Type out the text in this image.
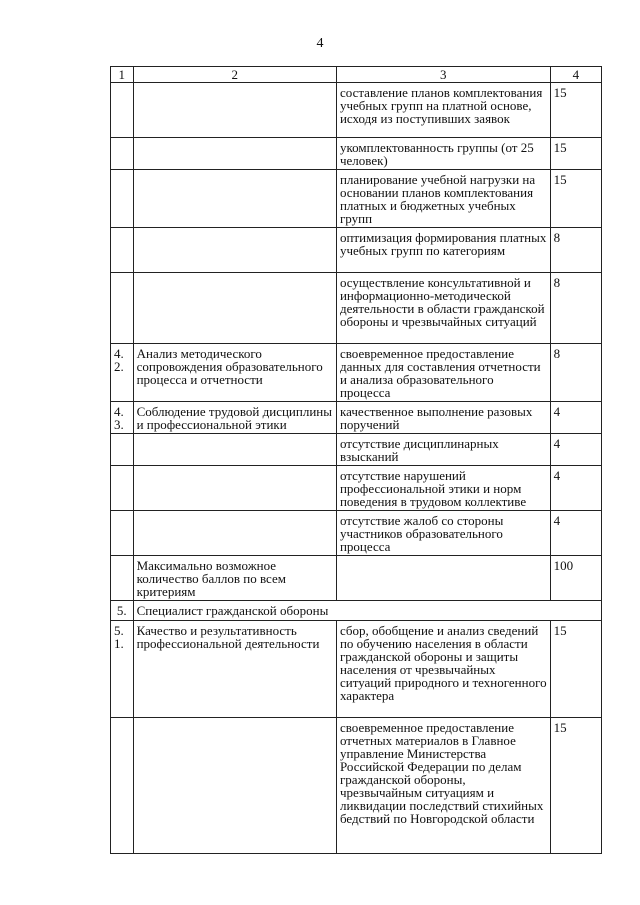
4
1	2	3	4
		составление планов комплектования учебных групп на платной основе, исходя из поступивших заявок	15
		укомплектованность группы (от 25 человек)	15
		планирование учебной нагрузки на основании планов комплектования платных и бюджетных учебных групп	15
		оптимизация формирования платных учебных групп по категориям	8
		осуществление консультативной и информационно-методической деятельности в области гражданской обороны и чрезвычайных ситуаций	8
4.2.	Анализ методического сопровождения образовательного процесса и отчетности	своевременное предоставление данных для составления отчетности и анализа образовательного процесса	8
4.3.	Соблюдение трудовой дисциплины и профессиональной этики	качественное выполнение разовых поручений	4
		отсутствие дисциплинарных взысканий	4
		отсутствие нарушений профессиональной этики и норм поведения в трудовом коллективе	4
		отсутствие жалоб со стороны участников образовательного процесса	4
	Максимально возможное количество баллов по всем критериям		100
5.	Специалист гражданской обороны		
5.1.	Качество и результативность профессиональной деятельности	сбор, обобщение и анализ сведений по обучению населения в области гражданской обороны и защиты населения от чрезвычайных ситуаций природного и техногенного характера	15
		своевременное предоставление отчетных материалов в Главное управление Министерства Российской Федерации по делам гражданской обороны, чрезвычайным ситуациям и ликвидации последствий стихийных бедствий по Новгородской области	15
